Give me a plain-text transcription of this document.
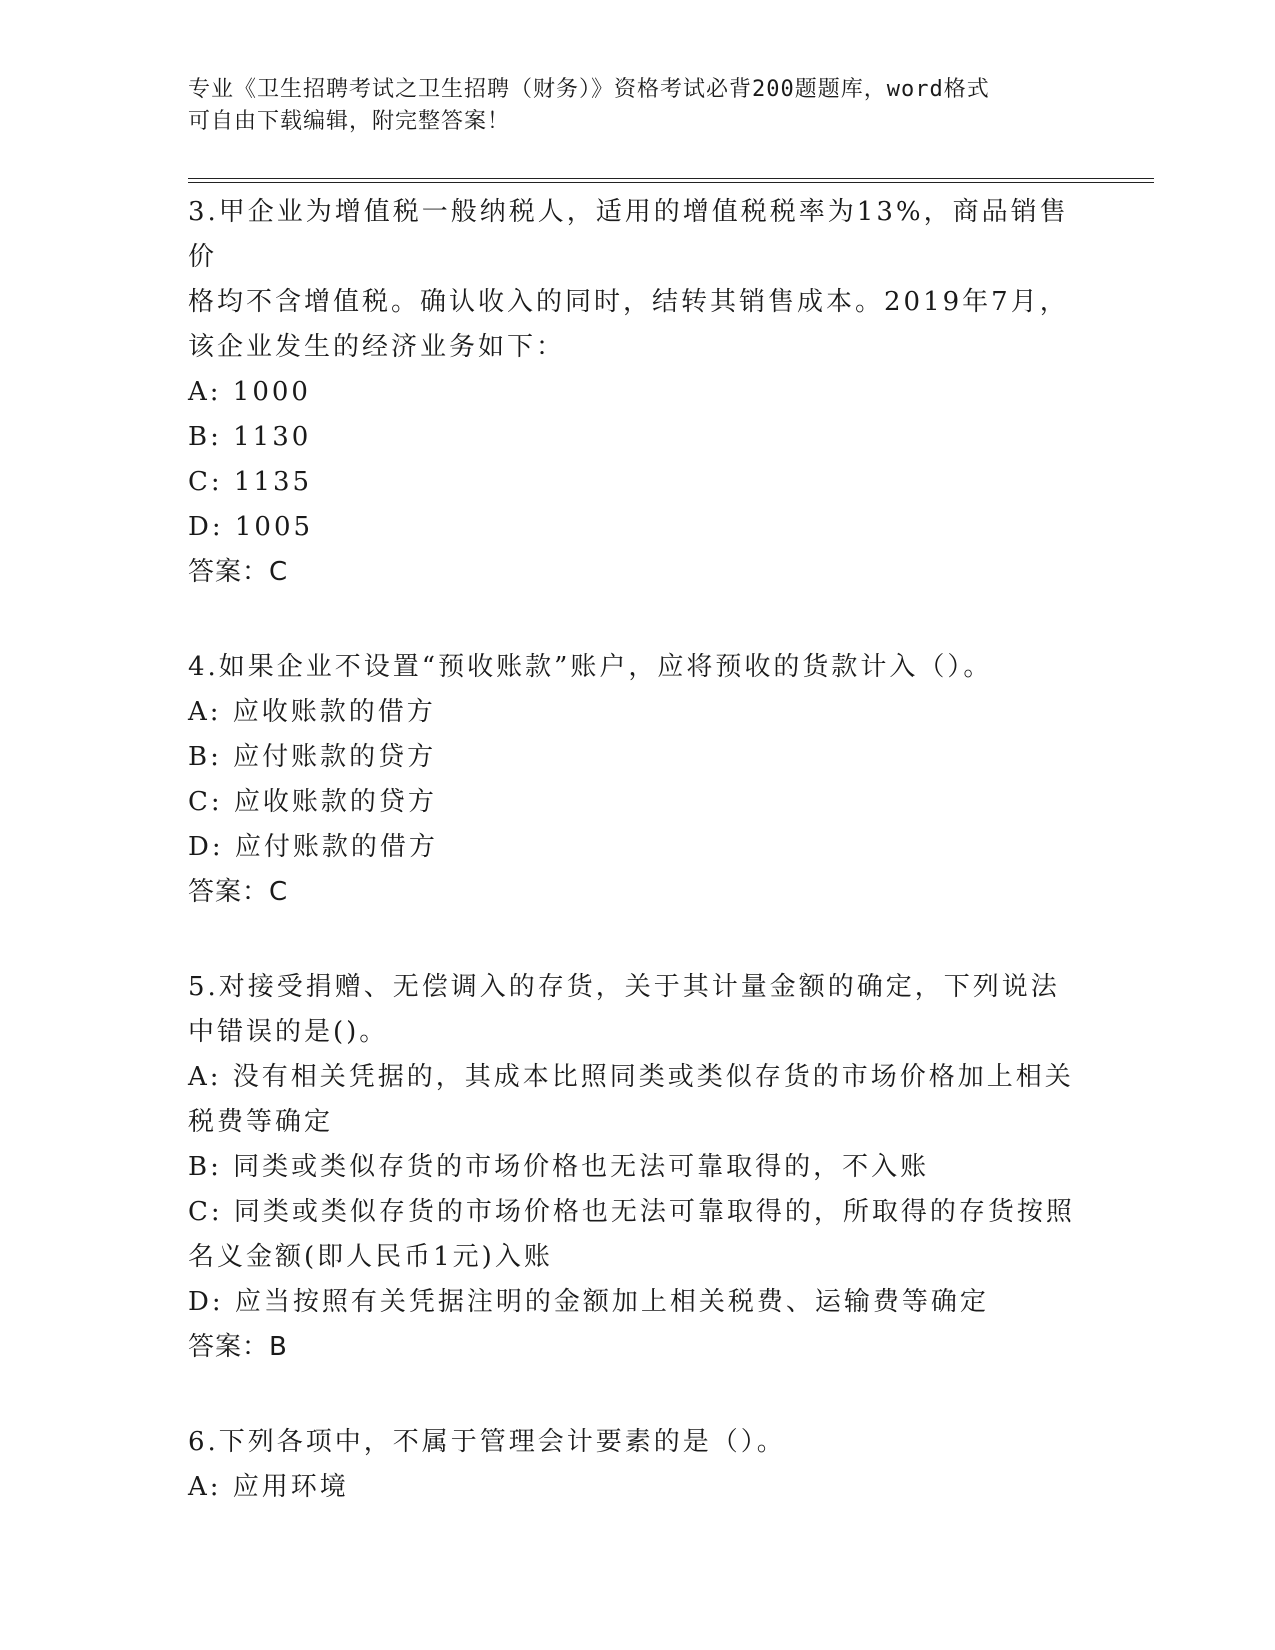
专业《卫生招聘考试之卫生招聘（财务）》资格考试必背200题题库，word格式
可自由下载编辑，附完整答案！
3.甲企业为增值税一般纳税人，适用的增值税税率为13%，商品销售价
格均不含增值税。确认收入的同时，结转其销售成本。2019年7月，
该企业发生的经济业务如下：
A: 1000
B: 1130
C: 1135
D: 1005
答案：C
4.如果企业不设置“预收账款”账户，应将预收的货款计入（）。
A: 应收账款的借方
B: 应付账款的贷方
C: 应收账款的贷方
D: 应付账款的借方
答案：C
5.对接受捐赠、无偿调入的存货，关于其计量金额的确定，下列说法
中错误的是()。
A: 没有相关凭据的，其成本比照同类或类似存货的市场价格加上相关
税费等确定
B: 同类或类似存货的市场价格也无法可靠取得的，不入账
C: 同类或类似存货的市场价格也无法可靠取得的，所取得的存货按照
名义金额(即人民币1元)入账
D: 应当按照有关凭据注明的金额加上相关税费、运输费等确定
答案：B
6.下列各项中，不属于管理会计要素的是（）。
A: 应用环境
